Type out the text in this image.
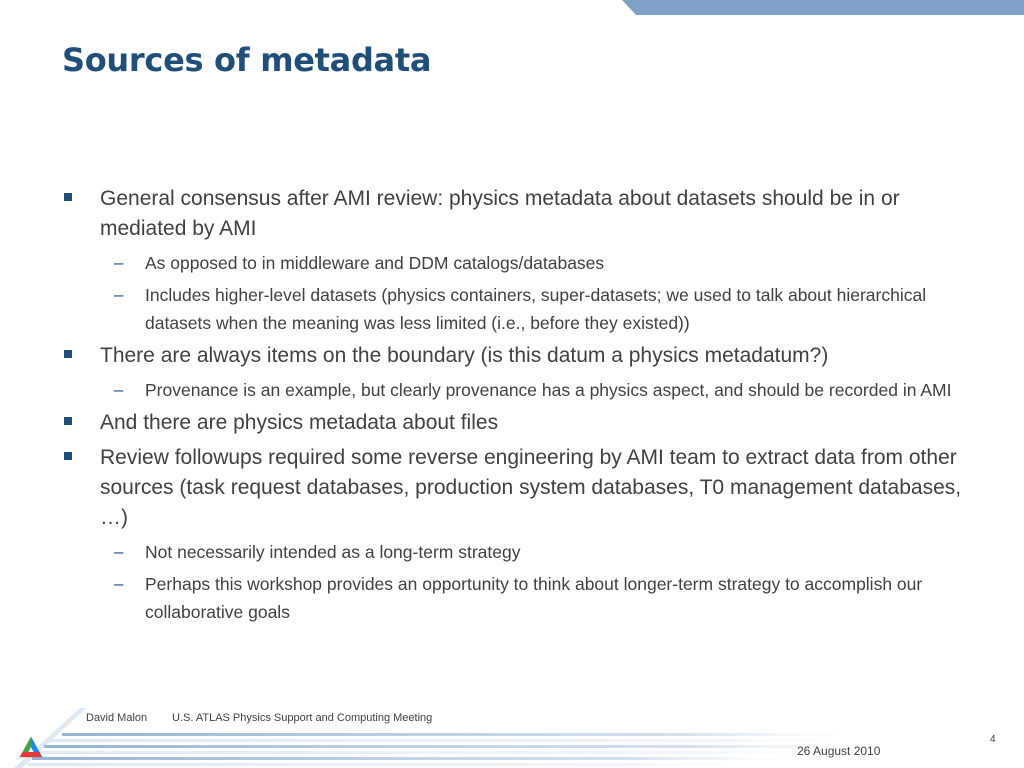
Sources of metadata
General consensus after AMI review: physics metadata about datasets should be in or mediated by AMI
– As opposed to in middleware and DDM catalogs/databases
– Includes higher-level datasets (physics containers, super-datasets; we used to talk about hierarchical datasets when the meaning was less limited (i.e., before they existed))
There are always items on the boundary (is this datum a physics metadatum?)
– Provenance is an example, but clearly provenance has a physics aspect, and should be recorded in AMI
And there are physics metadata about files
Review followups required some reverse engineering by AMI team to extract data from other sources (task request databases, production system databases, T0 management databases, …)
– Not necessarily intended as a long-term strategy
– Perhaps this workshop provides an opportunity to think about longer-term strategy to accomplish our collaborative goals
David Malon U.S. ATLAS Physics Support and Computing Meeting
4
26 August 2010
